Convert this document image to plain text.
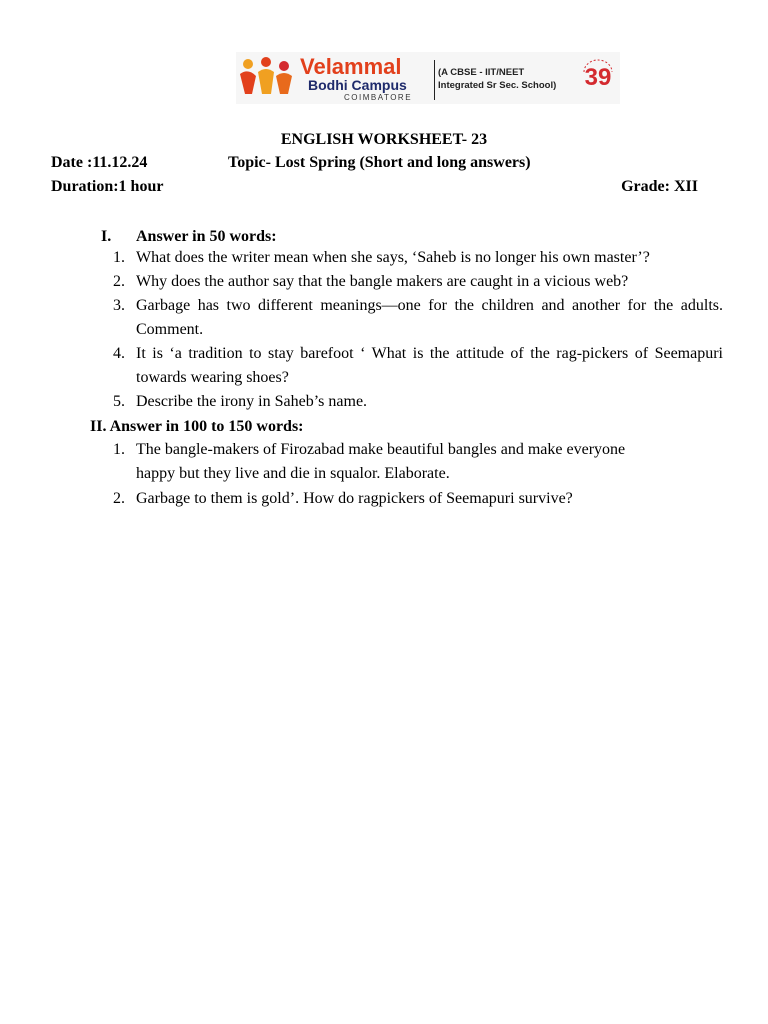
Velammal
Bodhi Campus
COIMBATORE
(A CBSE - IIT/NEET
Integrated Sr Sec. School)	39
ENGLISH WORKSHEET- 23
Date :11.12.24	Topic- Lost Spring (Short and long answers)
Duration:1 hour	Grade: XII
I. Answer in 50 words:
1. What does the writer mean when she says, ‘Saheb is no longer his own master’?
2. Why does the author say that the bangle makers are caught in a vicious web?
3. Garbage has two different meanings—one for the children and another for the adults. Comment.
4. It is ‘a tradition to stay barefoot ‘ What is the attitude of the rag-pickers of Seemapuri towards wearing shoes?
5. Describe the irony in Saheb’s name.
II. Answer in 100 to 150 words:
1. The bangle-makers of Firozabad make beautiful bangles and make everyone
happy but they live and die in squalor. Elaborate.
2. Garbage to them is gold’. How do ragpickers of Seemapuri survive?
